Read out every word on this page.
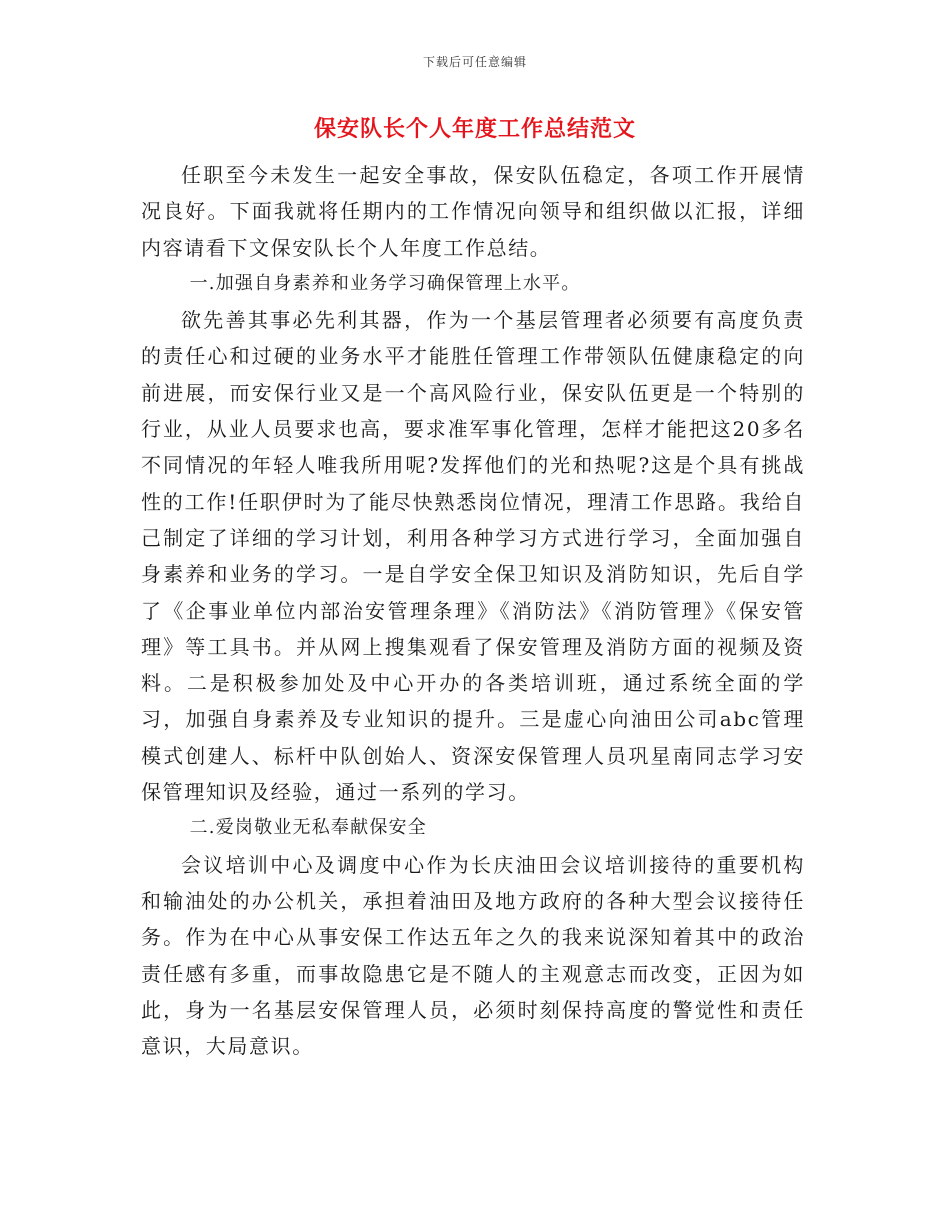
下载后可任意编辑
保安队长个人年度工作总结范文

任职至今未发生一起安全事故，保安队伍稳定，各项工作开展情况良好。下面我就将任期内的工作情况向领导和组织做以汇报，详细内容请看下文保安队长个人年度工作总结。

一.加强自身素养和业务学习确保管理上水平。

欲先善其事必先利其器，作为一个基层管理者必须要有高度负责的责任心和过硬的业务水平才能胜任管理工作带领队伍健康稳定的向前进展，而安保行业又是一个高风险行业，保安队伍更是一个特别的行业，从业人员要求也高，要求准军事化管理，怎样才能把这20多名不同情况的年轻人唯我所用呢?发挥他们的光和热呢?这是个具有挑战性的工作!任职伊时为了能尽快熟悉岗位情况，理清工作思路。我给自己制定了详细的学习计划，利用各种学习方式进行学习，全面加强自身素养和业务的学习。一是自学安全保卫知识及消防知识，先后自学了《企事业单位内部治安管理条理》《消防法》《消防管理》《保安管理》等工具书。并从网上搜集观看了保安管理及消防方面的视频及资料。二是积极参加处及中心开办的各类培训班，通过系统全面的学习，加强自身素养及专业知识的提升。三是虚心向油田公司abc管理模式创建人、标杆中队创始人、资深安保管理人员巩星南同志学习安保管理知识及经验，通过一系列的学习。

二.爱岗敬业无私奉献保安全

会议培训中心及调度中心作为长庆油田会议培训接待的重要机构和输油处的办公机关，承担着油田及地方政府的各种大型会议接待任务。作为在中心从事安保工作达五年之久的我来说深知着其中的政治责任感有多重，而事故隐患它是不随人的主观意志而改变，正因为如此，身为一名基层安保管理人员，必须时刻保持高度的警觉性和责任意识，大局意识。
